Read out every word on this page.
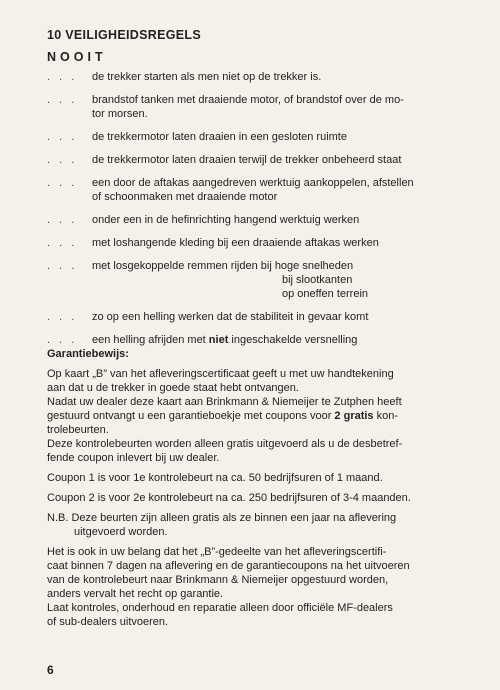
10 VEILIGHEIDSREGELS
NOOIT
. . .	de trekker starten als men niet op de trekker is.
. . .	brandstof tanken met draaiende motor, of brandstof over de mo-
tor morsen.
. . .	de trekkermotor laten draaien in een gesloten ruimte
. . .	de trekkermotor laten draaien terwijl de trekker onbeheerd staat
. . .	een door de aftakas aangedreven werktuig aankoppelen, afstellen
of schoonmaken met draaiende motor
. . .	onder een in de hefinrichting hangend werktuig werken
. . .	met loshangende kleding bij een draaiende aftakas werken
. . .	met losgekoppelde remmen rijden bij hoge snelheden
bij slootkanten
op oneffen terrein
. . .	zo op een helling werken dat de stabiliteit in gevaar komt
. . .	een helling afrijden met niet ingeschakelde versnelling
Garantiebewijs:
Op kaart „B” van het afleveringscertificaat geeft u met uw handtekening
aan dat u de trekker in goede staat hebt ontvangen.
Nadat uw dealer deze kaart aan Brinkmann & Niemeijer te Zutphen heeft
gestuurd ontvangt u een garantieboekje met coupons voor 2 gratis kon-
trolebeurten.
Deze kontrolebeurten worden alleen gratis uitgevoerd als u de desbetref-
fende coupon inlevert bij uw dealer.
Coupon 1 is voor 1e kontrolebeurt na ca. 50 bedrijfsuren of 1 maand.
Coupon 2 is voor 2e kontrolebeurt na ca. 250 bedrijfsuren of 3-4 maanden.
N.B. Deze beurten zijn alleen gratis als ze binnen een jaar na aflevering
uitgevoerd worden.
Het is ook in uw belang dat het „B”-gedeelte van het afleveringscertifi-
caat binnen 7 dagen na aflevering en de garantiecoupons na het uitvoeren
van de kontrolebeurt naar Brinkmann & Niemeijer opgestuurd worden,
anders vervalt het recht op garantie.
Laat kontroles, onderhoud en reparatie alleen door officiële MF-dealers
of sub-dealers uitvoeren.
6
